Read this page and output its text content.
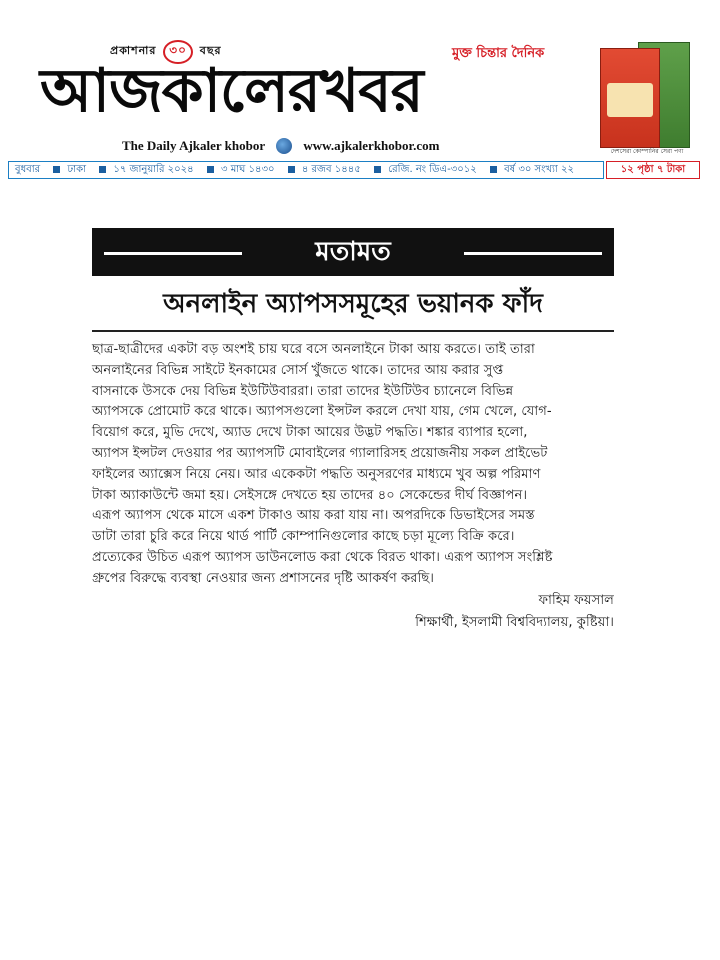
প্রকাশনার ৩০ বছর	মুক্ত চিন্তার দৈনিক
আজকালেরখবর
The Daily Ajkaler khobor	www.ajkalerkhobor.com	দেশসেরা কোম্পানির সেরা পণ্য
বুধবার	ঢাকা	১৭ জানুয়ারি ২০২৪	৩ মাঘ ১৪৩০	৪ রজব ১৪৪৫	রেজি. নং ডিএ-৩০১২	বর্ষ ৩০ সংখ্যা ২২	১২ পৃষ্ঠা ৭ টাকা
মতামত
অনলাইন অ্যাপসসমূহের ভয়ানক ফাঁদ

ছাত্র-ছাত্রীদের একটা বড় অংশই চায় ঘরে বসে অনলাইনে টাকা আয় করতে। তাই তারা

অনলাইনের বিভিন্ন সাইটে ইনকামের সোর্স খুঁজতে থাকে। তাদের আয় করার সুপ্ত

বাসনাকে উসকে দেয় বিভিন্ন ইউটিউবাররা। তারা তাদের ইউটিউব চ্যানেলে বিভিন্ন

অ্যাপসকে প্রোমোট করে থাকে। অ্যাপসগুলো ইন্সটল করলে দেখা যায়, গেম খেলে, যোগ-

বিয়োগ করে, মুভি দেখে, অ্যাড দেখে টাকা আয়ের উদ্ভট পদ্ধতি। শঙ্কার ব্যাপার হলো,

অ্যাপস ইন্সটল দেওয়ার পর অ্যাপসটি মোবাইলের গ্যালারিসহ প্রয়োজনীয় সকল প্রাইভেট

ফাইলের অ্যাক্সেস নিয়ে নেয়। আর একেকটা পদ্ধতি অনুসরণের মাধ্যমে খুব অল্প পরিমাণ

টাকা অ্যাকাউন্টে জমা হয়। সেইসঙ্গে দেখতে হয় তাদের ৪০ সেকেন্ডের দীর্ঘ বিজ্ঞাপন।

এরূপ অ্যাপস থেকে মাসে একশ টাকাও আয় করা যায় না। অপরদিকে ডিভাইসের সমস্ত

ডাটা তারা চুরি করে নিয়ে থার্ড পার্টি কোম্পানিগুলোর কাছে চড়া মূল্যে বিক্রি করে।

প্রত্যেকের উচিত এরূপ অ্যাপস ডাউনলোড করা থেকে বিরত থাকা। এরূপ অ্যাপস সংশ্লিষ্ট

গ্রুপের বিরুদ্ধে ব্যবস্থা নেওয়ার জন্য প্রশাসনের দৃষ্টি আকর্ষণ করছি।

ফাহিম ফয়সাল
শিক্ষার্থী, ইসলামী বিশ্ববিদ্যালয়, কুষ্টিয়া।
